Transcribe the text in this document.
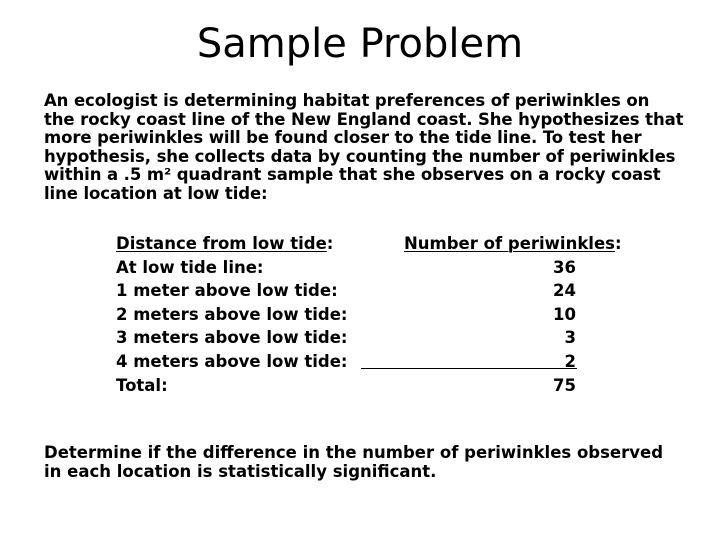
Sample Problem
An ecologist is determining habitat preferences of periwinkles on the rocky coast line of the New England coast. She hypothesizes that more periwinkles will be found closer to the tide line. To test her hypothesis, she collects data by counting the number of periwinkles within a .5 m² quadrant sample that she observes on a rocky coast line location at low tide:
Distance from low tide:	Number of periwinkles:
At low tide line:	36
1 meter above low tide:	24
2 meters above low tide:	10
3 meters above low tide:	3
4 meters above low tide:	2
Total:	75
Determine if the difference in the number of periwinkles observed in each location is statistically significant.
